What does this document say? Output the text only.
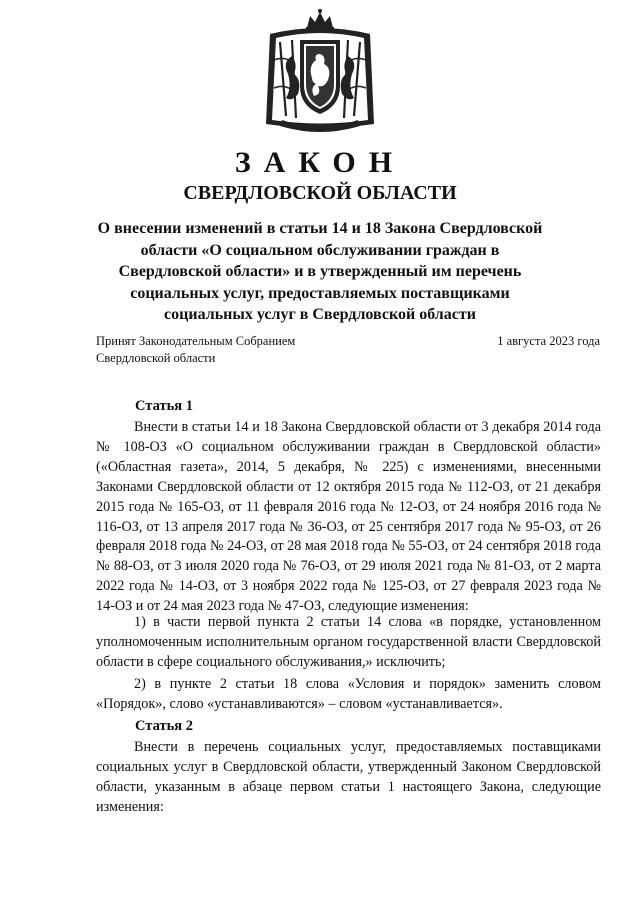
ЗАКОН
СВЕРДЛОВСКОЙ ОБЛАСТИ
О внесении изменений в статьи 14 и 18 Закона Свердловской области «О социальном обслуживании граждан в Свердловской области» и в утвержденный им перечень социальных услуг, предоставляемых поставщиками социальных услуг в Свердловской области
Принят Законодательным Собранием
Свердловской области
1 августа 2023 года
Статья 1

Внести в статьи 14 и 18 Закона Свердловской области от 3 декабря 2014 года № 108-ОЗ «О социальном обслуживании граждан в Свердловской области» («Областная газета», 2014, 5 декабря, № 225) с изменениями, внесенными Законами Свердловской области от 12 октября 2015 года № 112-ОЗ, от 21 декабря 2015 года № 165-ОЗ, от 11 февраля 2016 года № 12-ОЗ, от 24 ноября 2016 года № 116-ОЗ, от 13 апреля 2017 года № 36-ОЗ, от 25 сентября 2017 года № 95-ОЗ, от 26 февраля 2018 года № 24-ОЗ, от 28 мая 2018 года № 55-ОЗ, от 24 сентября 2018 года № 88-ОЗ, от 3 июля 2020 года № 76-ОЗ, от 29 июля 2021 года № 81-ОЗ, от 2 марта 2022 года № 14-ОЗ, от 3 ноября 2022 года № 125-ОЗ, от 27 февраля 2023 года № 14-ОЗ и от 24 мая 2023 года № 47-ОЗ, следующие изменения:

1) в части первой пункта 2 статьи 14 слова «в порядке, установленном уполномоченным исполнительным органом государственной власти Свердловской области в сфере социального обслуживания,» исключить;

2) в пункте 2 статьи 18 слова «Условия и порядок» заменить словом «Порядок», слово «устанавливаются» – словом «устанавливается».

Статья 2

Внести в перечень социальных услуг, предоставляемых поставщиками социальных услуг в Свердловской области, утвержденный Законом Свердловской области, указанным в абзаце первом статьи 1 настоящего Закона, следующие изменения:
